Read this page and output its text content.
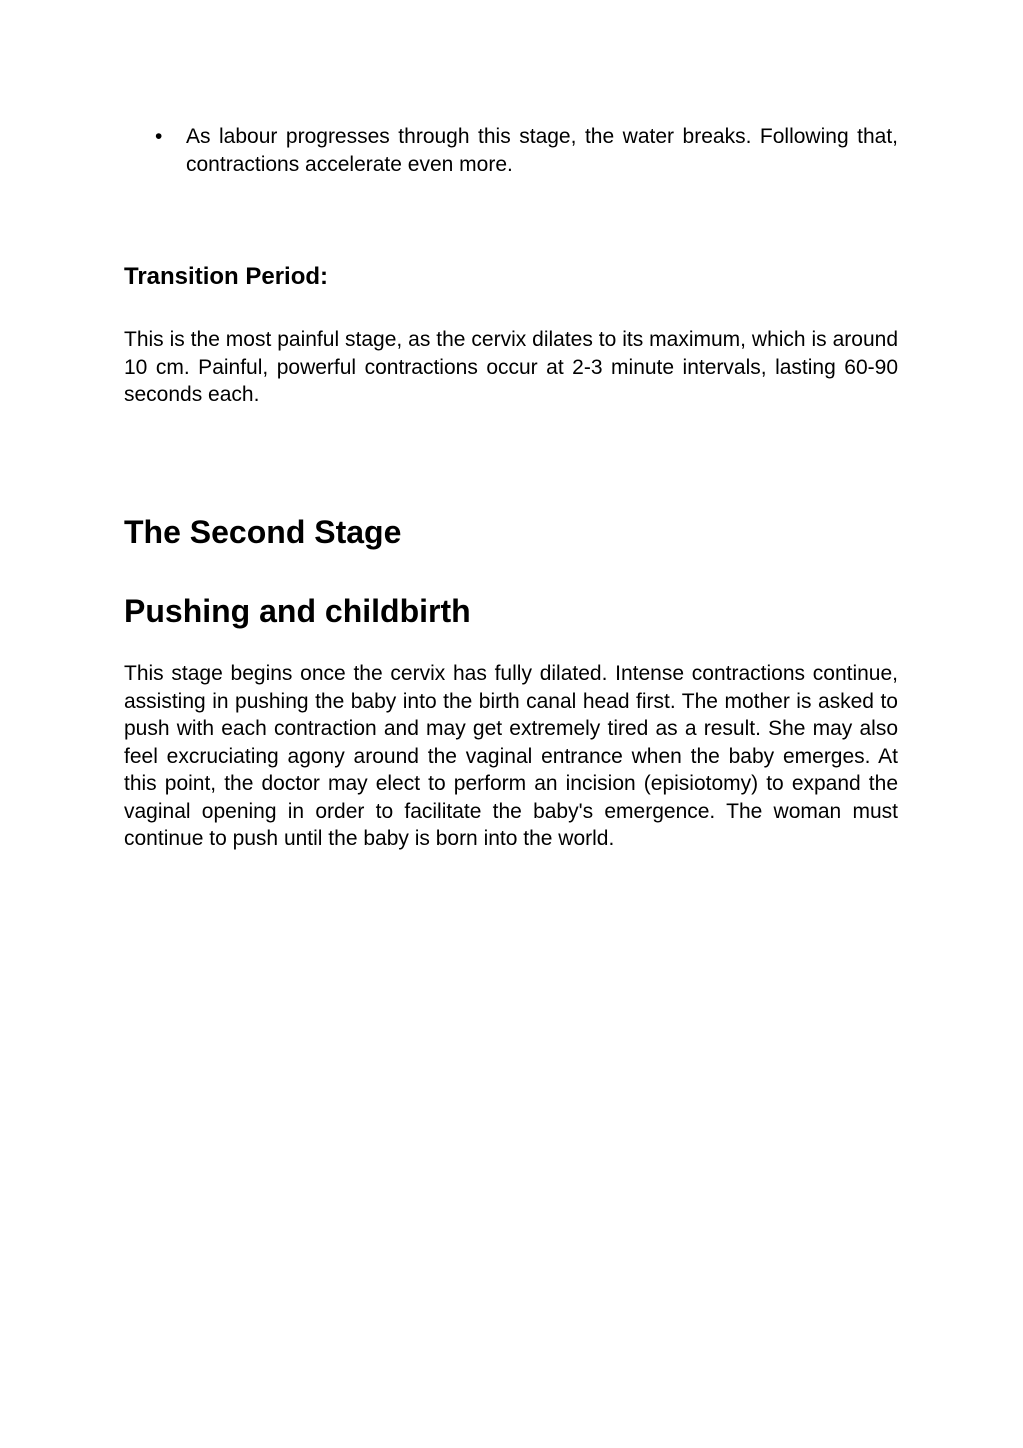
• As labour progresses through this stage, the water breaks. Following that, contractions accelerate even more.
Transition Period:

This is the most painful stage, as the cervix dilates to its maximum, which is around 10 cm. Painful, powerful contractions occur at 2-3 minute intervals, lasting 60-90 seconds each.

The Second Stage
Pushing and childbirth

This stage begins once the cervix has fully dilated. Intense contractions continue, assisting in pushing the baby into the birth canal head first. The mother is asked to push with each contraction and may get extremely tired as a result. She may also feel excruciating agony around the vaginal entrance when the baby emerges. At this point, the doctor may elect to perform an incision (episiotomy) to expand the vaginal opening in order to facilitate the baby's emergence. The woman must continue to push until the baby is born into the world.
